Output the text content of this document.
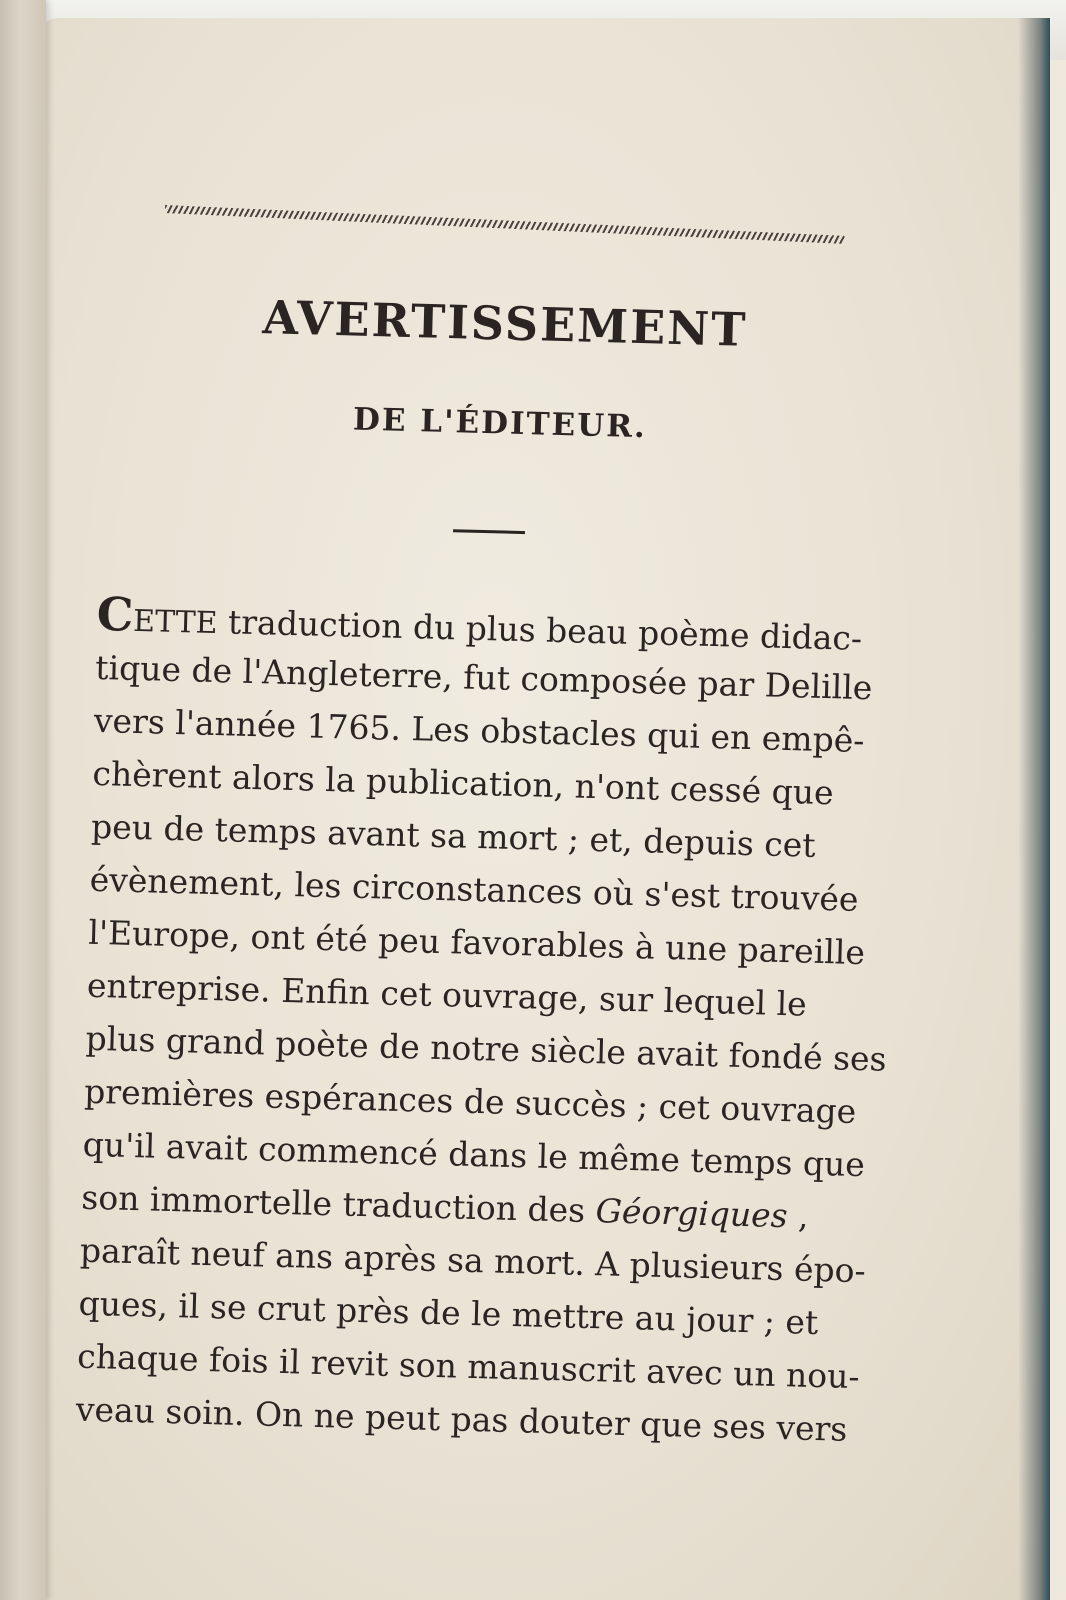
AVERTISSEMENT
DE L'ÉDITEUR.

CETTE traduction du plus beau poème didac-

tique de l'Angleterre, fut composée par Delille

vers l'année 1765. Les obstacles qui en empê-

chèrent alors la publication, n'ont cessé que

peu de temps avant sa mort ; et, depuis cet

évènement, les circonstances où s'est trouvée

l'Europe, ont été peu favorables à une pareille

entreprise. Enfin cet ouvrage, sur lequel le

plus grand poète de notre siècle avait fondé ses

premières espérances de succès ; cet ouvrage

qu'il avait commencé dans le même temps que

son immortelle traduction des Géorgiques ,

paraît neuf ans après sa mort. A plusieurs épo-

ques, il se crut près de le mettre au jour ; et

chaque fois il revit son manuscrit avec un nou-

veau soin. On ne peut pas douter que ses vers
